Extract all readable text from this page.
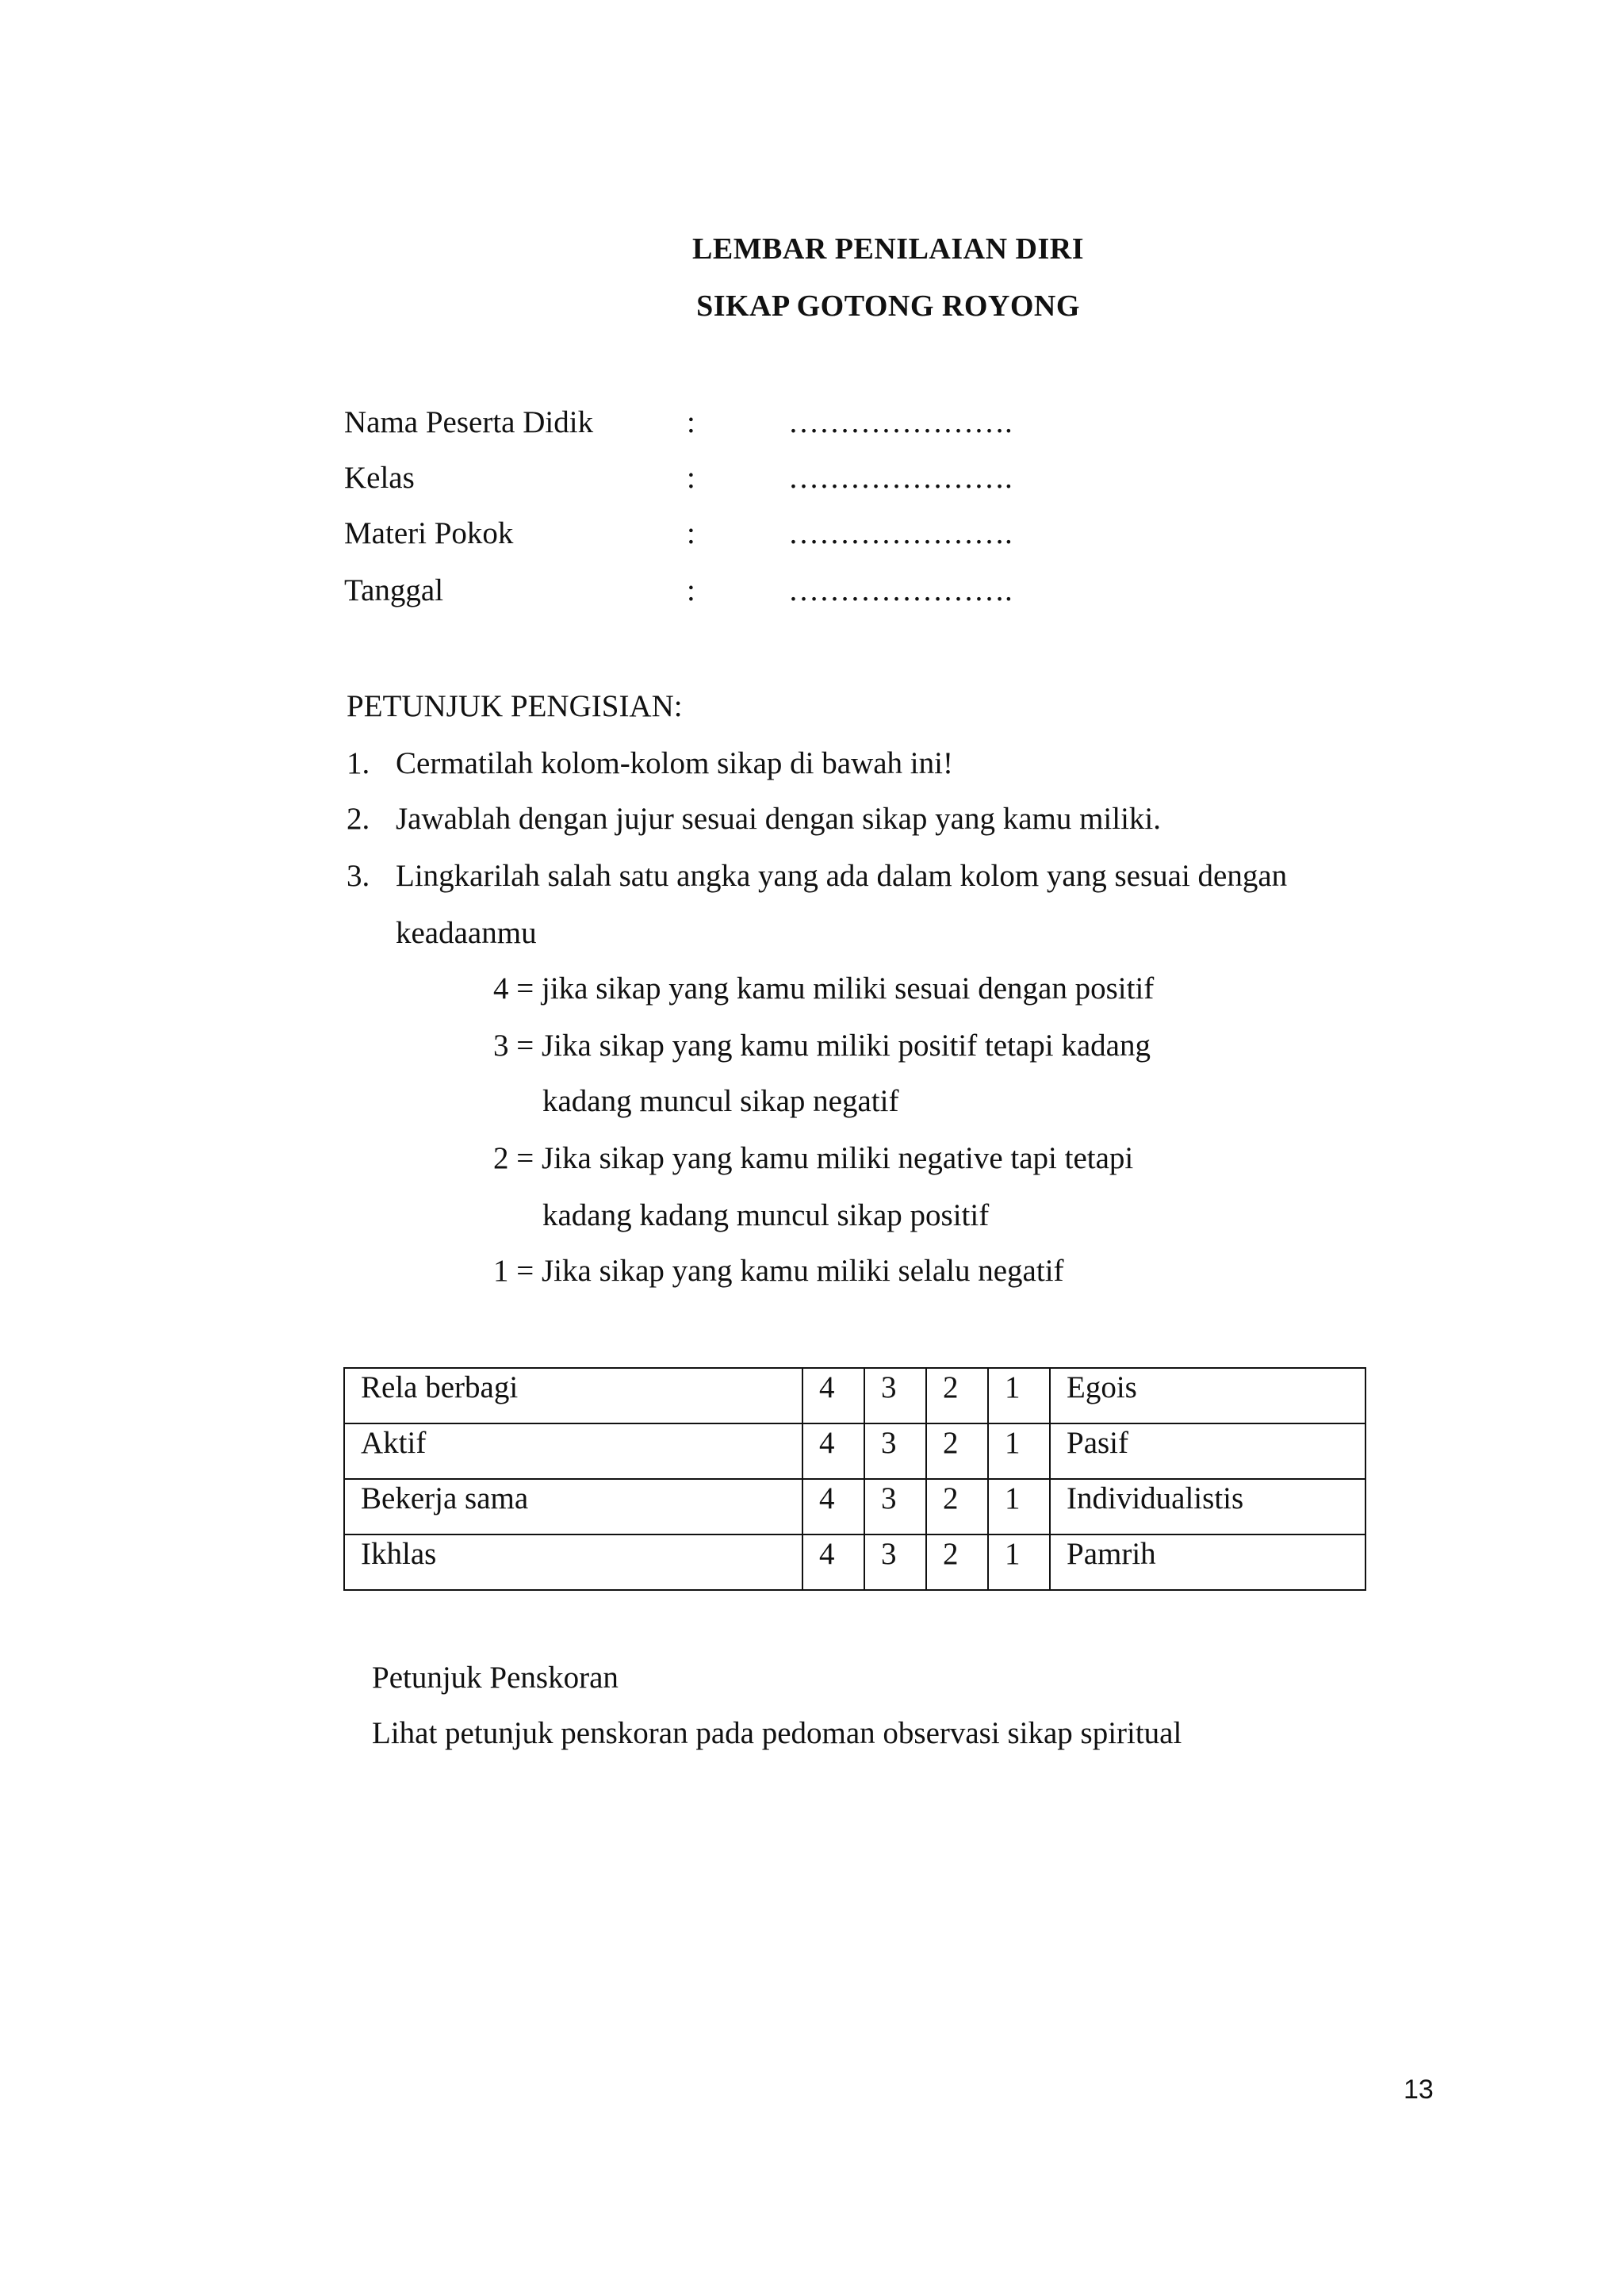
LEMBAR PENILAIAN DIRI
SIKAP GOTONG ROYONG
Nama Peserta Didik	:	………………….
Kelas	:	………………….
Materi Pokok	:	………………….
Tanggal	:	………………….
PETUNJUK PENGISIAN:
1. Cermatilah kolom-kolom sikap di bawah ini!
2. Jawablah dengan jujur sesuai dengan sikap yang kamu miliki.
3. Lingkarilah salah satu angka yang ada dalam kolom yang sesuai dengan
keadaanmu
4 = jika sikap yang kamu miliki sesuai dengan positif
3 = Jika sikap yang kamu miliki positif tetapi kadang
kadang muncul sikap negatif
2 = Jika sikap yang kamu miliki negative tapi tetapi
kadang kadang muncul sikap positif
1 = Jika sikap yang kamu miliki selalu negatif
Rela berbagi	4	3	2	1	Egois
Aktif	4	3	2	1	Pasif
Bekerja sama	4	3	2	1	Individualistis
Ikhlas	4	3	2	1	Pamrih
Petunjuk Penskoran
Lihat petunjuk penskoran pada pedoman observasi sikap spiritual
13
